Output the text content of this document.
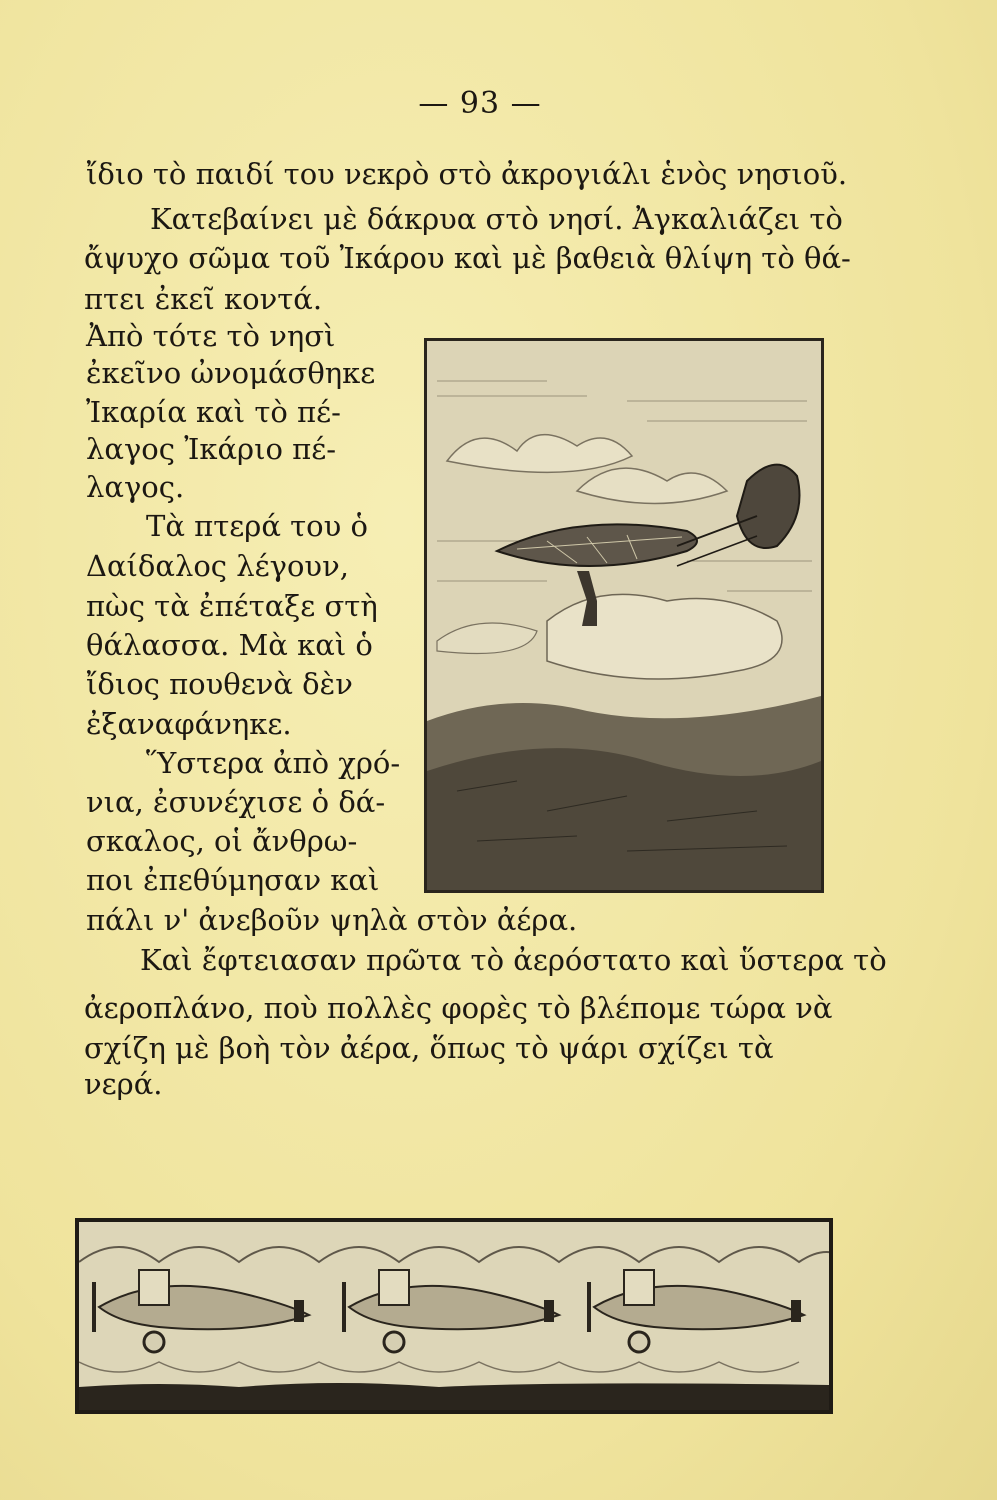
— 93 —
ἴδιο τὸ παιδί του νεκρὸ στὸ ἀκρογιάλι ἑνὸς νησιοῦ.
Κατεβαίνει μὲ δάκρυα στὸ νησί. Ἀγκαλιάζει τὸ
ἄψυχο σῶμα τοῦ Ἰκάρου καὶ μὲ βαθειὰ θλίψη τὸ θά-
πτει ἐκεῖ κοντά.
Ἀπὸ τότε τὸ νησὶ
ἐκεῖνο ὠνομάσθηκε
Ἰκαρία καὶ τὸ πέ-
λαγος Ἰκάριο πέ-
λαγος.
Τὰ πτερά του ὁ
Δαίδαλος λέγουν,
πὼς τὰ ἐπέταξε στὴ
θάλασσα. Μὰ καὶ ὁ
ἴδιος πουθενὰ δὲν
ἐξαναφάνηκε.
Ὕστερα ἀπὸ χρό-
νια, ἐσυνέχισε ὁ δά-
σκαλος, οἱ ἄνθρω-
ποι ἐπεθύμησαν καὶ
πάλι ν' ἀνεβοῦν ψηλὰ στὸν ἀέρα.
Καὶ ἔφτειασαν πρῶτα τὸ ἀερόστατο καὶ ὕστερα τὸ
ἀεροπλάνο, ποὺ πολλὲς φορὲς τὸ βλέπομε τώρα νὰ
σχίζη μὲ βοὴ τὸν ἀέρα, ὅπως τὸ ψάρι σχίζει τὰ
νερά.
